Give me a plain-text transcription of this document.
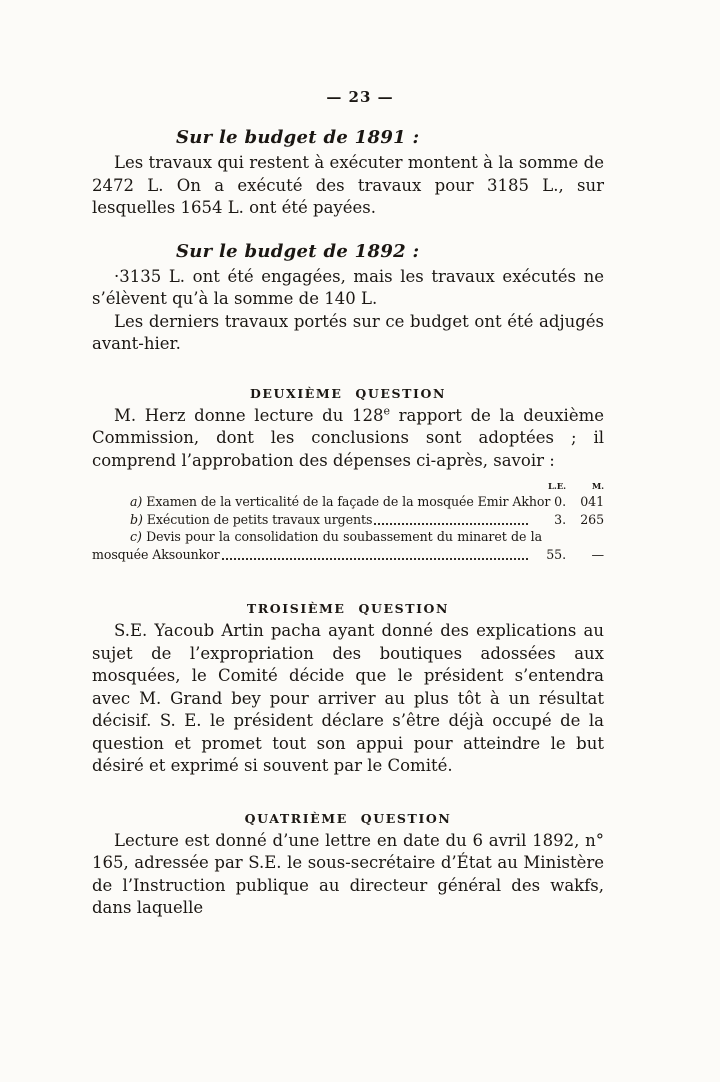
— 23 —

Sur le budget de 1891 :

Les travaux qui restent à exécuter montent à la somme de 2472 L. On a exécuté des travaux pour 3185 L., sur lesquelles 1654 L. ont été payées.

Sur le budget de 1892 :

·3135 L. ont été engagées, mais les travaux exécutés ne s’élèvent qu’à la somme de 140 L.

Les derniers travaux portés sur ce budget ont été adjugés avant-hier.

DEUXIÈME QUESTION

M. Herz donne lecture du 128e rapport de la deuxième Commission, dont les conclusions sont adoptées ; il comprend l’approbation des dépenses ci-après, savoir :

L.E.	M.
a) Examen de la verticalité de la façade de la mosquée Emir Akhor 0.	041
b) Exécution de petits travaux urgents	3.	265
c) Devis pour la consolidation du soubassement du minaret de la
mosquée Aksounkor	55.	—

TROISIÈME QUESTION

S.E. Yacoub Artin pacha ayant donné des explications au sujet de l’expropriation des boutiques adossées aux mosquées, le Comité décide que le président s’entendra avec M. Grand bey pour arriver au plus tôt à un résultat décisif. S. E. le président déclare s’être déjà occupé de la question et promet tout son appui pour atteindre le but désiré et exprimé si souvent par le Comité.

QUATRIÈME QUESTION

Lecture est donné d’une lettre en date du 6 avril 1892, n° 165, adressée par S.E. le sous-secrétaire d’État au Ministère de l’Instruction publique au directeur général des wakfs, dans laquelle
